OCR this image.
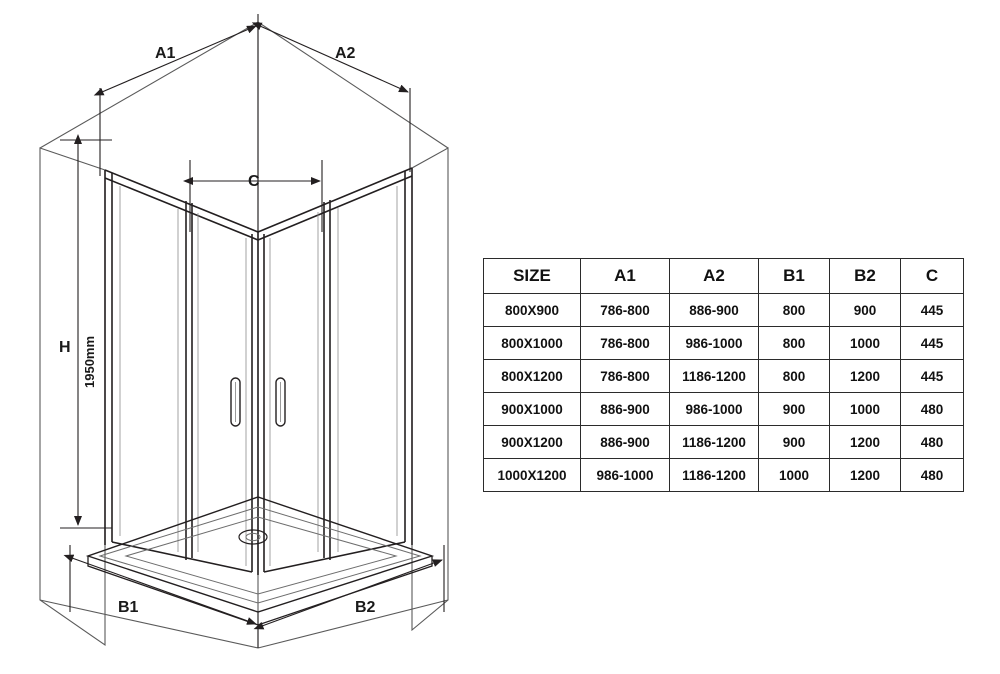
A1	A2
C
H 1950mm
B1	B2
SIZE	A1	A2	B1	B2	C
800X900	786-800	886-900	800	900	445
800X1000	786-800	986-1000	800	1000	445
800X1200	786-800	1186-1200	800	1200	445
900X1000	886-900	986-1000	900	1000	480
900X1200	886-900	1186-1200	900	1200	480
1000X1200	986-1000	1186-1200	1000	1200	480
